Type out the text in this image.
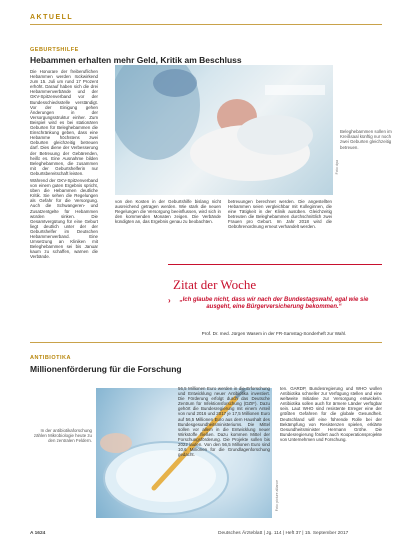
AKTUELL
GEBURTSHILFE
Hebammen erhalten mehr Geld, Kritik am Beschluss

Die Honorare der freiberuflichen Hebammen werden rückwirkend zum 15. Juli um rund 17 Prozent erhöht. Darauf haben sich die drei Hebammenverbände und der GKV-Spitzenverband vor der Bundesschiedsstelle verständigt. Vor der Einigung gehen Änderungen in der Versorgungsstruktur einher. Zum Beispiel wird es bei stationären Geburten für Beleghebammen die Einschränkung geben, dass eine Hebamme höchstens zwei Geburten gleichzeitig betreuen darf. Dies diene der Verbesserung der Betreuung der Gebärenden, heißt es. Eine Ausnahme bilden Beleghebammen, die zusammen mit der Geburtshelferin nur Geburtsbereitschaft leisten.

Während der GKV-Spitzenverband von einem guten Ergebnis spricht, üben die Hebammen deutliche Kritik. Sie sehen die Regelungen als Gefahr für die Versorgung. Auch die Schwangeren- und Zusatzentgelte für Hebammen würden sinken. Die Gesamtvergütung für eine Geburt liegt deutlich unter der der Geburtshelfer im Deutschen Hebammenverband. Eine Umsetzung an Kliniken mit Beleghebammen sei bis Januar kaum zu schaffen, warnen die Verbände.

Foto: dpa
Beleghebammen sollen im Kreißsaal künftig nur noch zwei Geburten gleichzeitig betreuen.
von den Kosten in der Geburtshilfe bislang nicht ausreichend getragen werden. Wie stark die neuen Regelungen die Versorgung beeinflussen, wird sich in den kommenden Monaten zeigen. Die Verbände kündigten an, das Ergebnis genau zu beobachten.
betreuungen berechnet werden. Die angestellten Hebammen seien vergleichbar mit Kolleginnen, die eine Tätigkeit in der Klinik ausüben. Gleichzeitig betreuten die Beleghebammen durchschnittlich zwei Frauen pro Geburt. Im Jahr 2018 wird die Gebührenordnung erneut verhandelt werden.
Zitat der Woche
›	„Ich glaube nicht, dass wir nach der Bundestagswahl, egal wie sie ausgeht, eine Bürgerversicherung bekommen.“
Prof. Dr. med. Jürgen Wasem in der FR-Samstag-Sonderheft zur Wahl.
ANTIBIOTIKA
Millionenförderung für die Forschung
In der antibiotikaforschung zählen Mikrobiologie heute zu den zentralen Feldern.
Foto: picture alliance
56,5 Millionen Euro werden in die Erforschung und Entwicklung neuer Antibiotika investiert. Die Förderung erfolgt durch das Deutsche Zentrum für Infektionsforschung (DZIF). Dazu gehört die Bundesregierung mit einem Anteil von rund 2016 und 2017 je 17,5 Millionen Euro auf 56,5 Millionen Euro aus dem Haushalt des Bundesgesundheitsministeriums. Die Mittel sollen vor allem in die Entwicklung neuer Wirkstoffe fließen. Dazu kommen Mittel der Forschungsförderung. Die Projekte sollen bis 2022 laufen. Von den 56,5 Millionen Euro sind 10,6 Millionen für die Grundlagenforschung gedacht.
ten. GARDP, Bundesregierung und WHO wollen Antibiotika schneller zur Verfügung stellen und eine weltweite Initiative zur Versorgung entwickeln. Antibiotika sollen auch für ärmere Länder verfügbar sein. Laut WHO sind resistente Erreger eine der größten Gefahren für die globale Gesundheit. Deutschland will eine führende Rolle bei der Bekämpfung von Resistenzen spielen, erklärte Gesundheitsminister Hermann Gröhe. Die Bundesregierung fördert auch Kooperationsprojekte von Unternehmen und Forschung.
A 1624	Deutsches Ärzteblatt | Jg. 114 | Heft 37 | 15. September 2017
